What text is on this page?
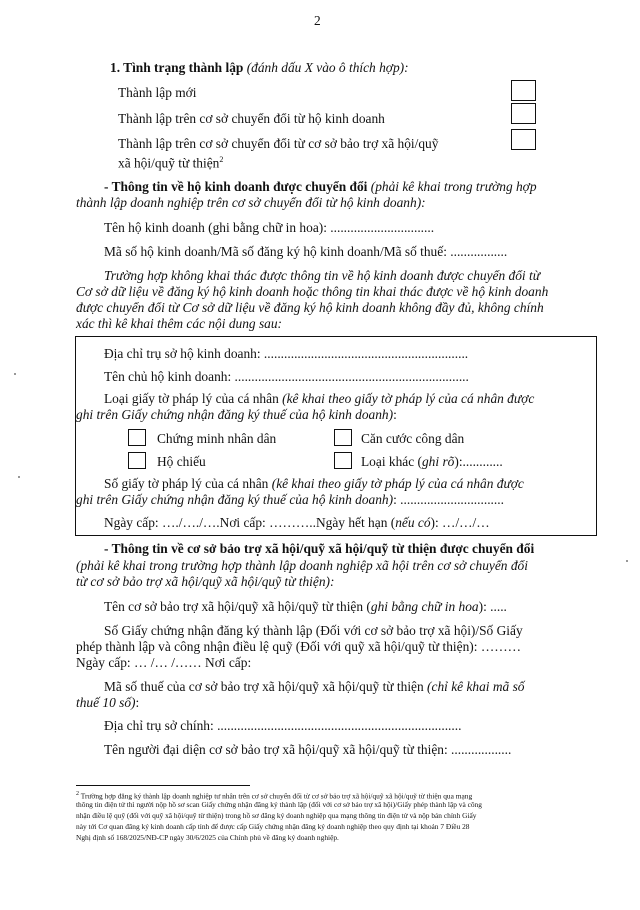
2
1. Tình trạng thành lập (đánh dấu X vào ô thích hợp):
Thành lập mới
Thành lập trên cơ sở chuyển đổi từ hộ kinh doanh
Thành lập trên cơ sở chuyển đổi từ cơ sở bảo trợ xã hội/quỹ
xã hội/quỹ từ thiện$^2$
- Thông tin về hộ kinh doanh được chuyển đổi (phải kê khai trong trường hợp
thành lập doanh nghiệp trên cơ sở chuyển đổi từ hộ kinh doanh):
Tên hộ kinh doanh (ghi bằng chữ in hoa): ...............................
Mã số hộ kinh doanh/Mã số đăng ký hộ kinh doanh/Mã số thuế: .................
Trường hợp không khai thác được thông tin về hộ kinh doanh được chuyển đổi từ
Cơ sở dữ liệu về đăng ký hộ kinh doanh hoặc thông tin khai thác được về hộ kinh doanh
được chuyển đổi từ Cơ sở dữ liệu về đăng ký hộ kinh doanh không đầy đủ, không chính
xác thì kê khai thêm các nội dung sau:
Địa chỉ trụ sở hộ kinh doanh: .............................................................
Tên chủ hộ kinh doanh: ......................................................................
Loại giấy tờ pháp lý của cá nhân (kê khai theo giấy tờ pháp lý của cá nhân được
ghi trên Giấy chứng nhận đăng ký thuế của hộ kinh doanh):
Chứng minh nhân dân	Căn cước công dân
Hộ chiếu	Loại khác (ghi rõ):............
Số giấy tờ pháp lý của cá nhân (kê khai theo giấy tờ pháp lý của cá nhân được
ghi trên Giấy chứng nhận đăng ký thuế của hộ kinh doanh): ...............................
Ngày cấp: …./…./….Nơi cấp: ………..Ngày hết hạn (nếu có): …/…/…
- Thông tin về cơ sở bảo trợ xã hội/quỹ xã hội/quỹ từ thiện được chuyển đổi
(phải kê khai trong trường hợp thành lập doanh nghiệp xã hội trên cơ sở chuyển đổi
từ cơ sở bảo trợ xã hội/quỹ xã hội/quỹ từ thiện):
Tên cơ sở bảo trợ xã hội/quỹ xã hội/quỹ từ thiện (ghi bằng chữ in hoa): .....
Số Giấy chứng nhận đăng ký thành lập (Đối với cơ sở bảo trợ xã hội)/Số Giấy
phép thành lập và công nhận điều lệ quỹ (Đối với quỹ xã hội/quỹ từ thiện): ………
Ngày cấp: … /… /…… Nơi cấp:
Mã số thuế của cơ sở bảo trợ xã hội/quỹ xã hội/quỹ từ thiện (chỉ kê khai mã số
thuế 10 số):
Địa chỉ trụ sở chính: .........................................................................
Tên người đại diện cơ sở bảo trợ xã hội/quỹ xã hội/quỹ từ thiện: ..................
$^2$ Trường hợp đăng ký thành lập doanh nghiệp tư nhân trên cơ sở chuyển đổi từ cơ sở bảo trợ xã hội/quỹ xã hội/quỹ từ thiện qua mạng
thông tin điện tử thì người nộp hồ sơ scan Giấy chứng nhận đăng ký thành lập (đối với cơ sở bảo trợ xã hội)/Giấy phép thành lập và công
nhận điều lệ quỹ (đối với quỹ xã hội/quỹ từ thiện) trong hồ sơ đăng ký doanh nghiệp qua mạng thông tin điện tử và nộp bản chính Giấy
này tới Cơ quan đăng ký kinh doanh cấp tỉnh để được cấp Giấy chứng nhận đăng ký doanh nghiệp theo quy định tại khoản 7 Điều 28
Nghị định số 168/2025/NĐ-CP ngày 30/6/2025 của Chính phủ về đăng ký doanh nghiệp.
